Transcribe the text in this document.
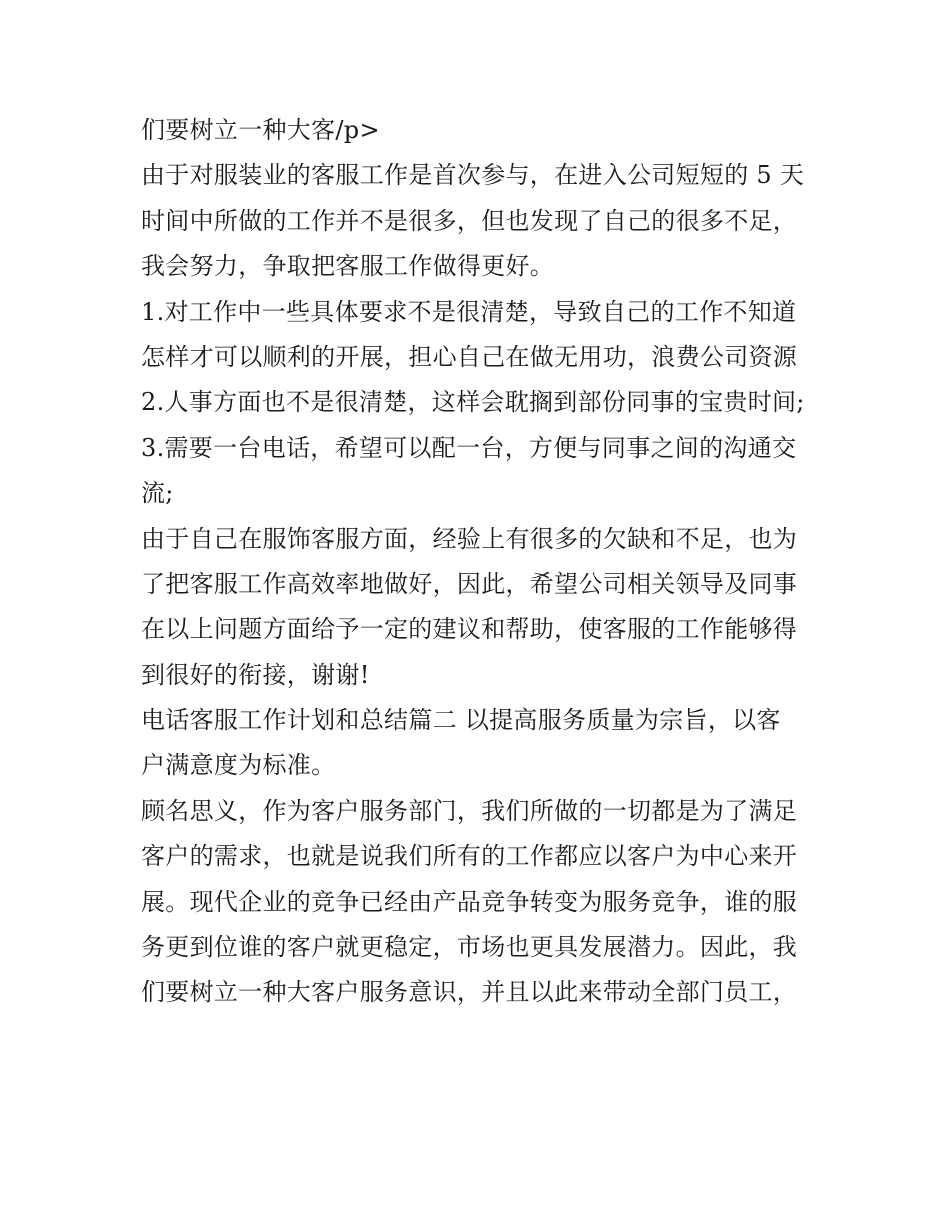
们要树立一种大客/p>
由于对服装业的客服工作是首次参与，在进入公司短短的 5 天
时间中所做的工作并不是很多，但也发现了自己的很多不足，
我会努力，争取把客服工作做得更好。
1.对工作中一些具体要求不是很清楚，导致自己的工作不知道
怎样才可以顺利的开展，担心自己在做无用功，浪费公司资源
2.人事方面也不是很清楚，这样会耽搁到部份同事的宝贵时间;
3.需要一台电话，希望可以配一台，方便与同事之间的沟通交
流;
由于自己在服饰客服方面，经验上有很多的欠缺和不足，也为
了把客服工作高效率地做好，因此，希望公司相关领导及同事
在以上问题方面给予一定的建议和帮助，使客服的工作能够得
到很好的衔接，谢谢!
电话客服工作计划和总结篇二 以提高服务质量为宗旨，以客
户满意度为标准。
顾名思义，作为客户服务部门，我们所做的一切都是为了满足
客户的需求，也就是说我们所有的工作都应以客户为中心来开
展。现代企业的竞争已经由产品竞争转变为服务竞争，谁的服
务更到位谁的客户就更稳定，市场也更具发展潜力。因此，我
们要树立一种大客户服务意识，并且以此来带动全部门员工，
